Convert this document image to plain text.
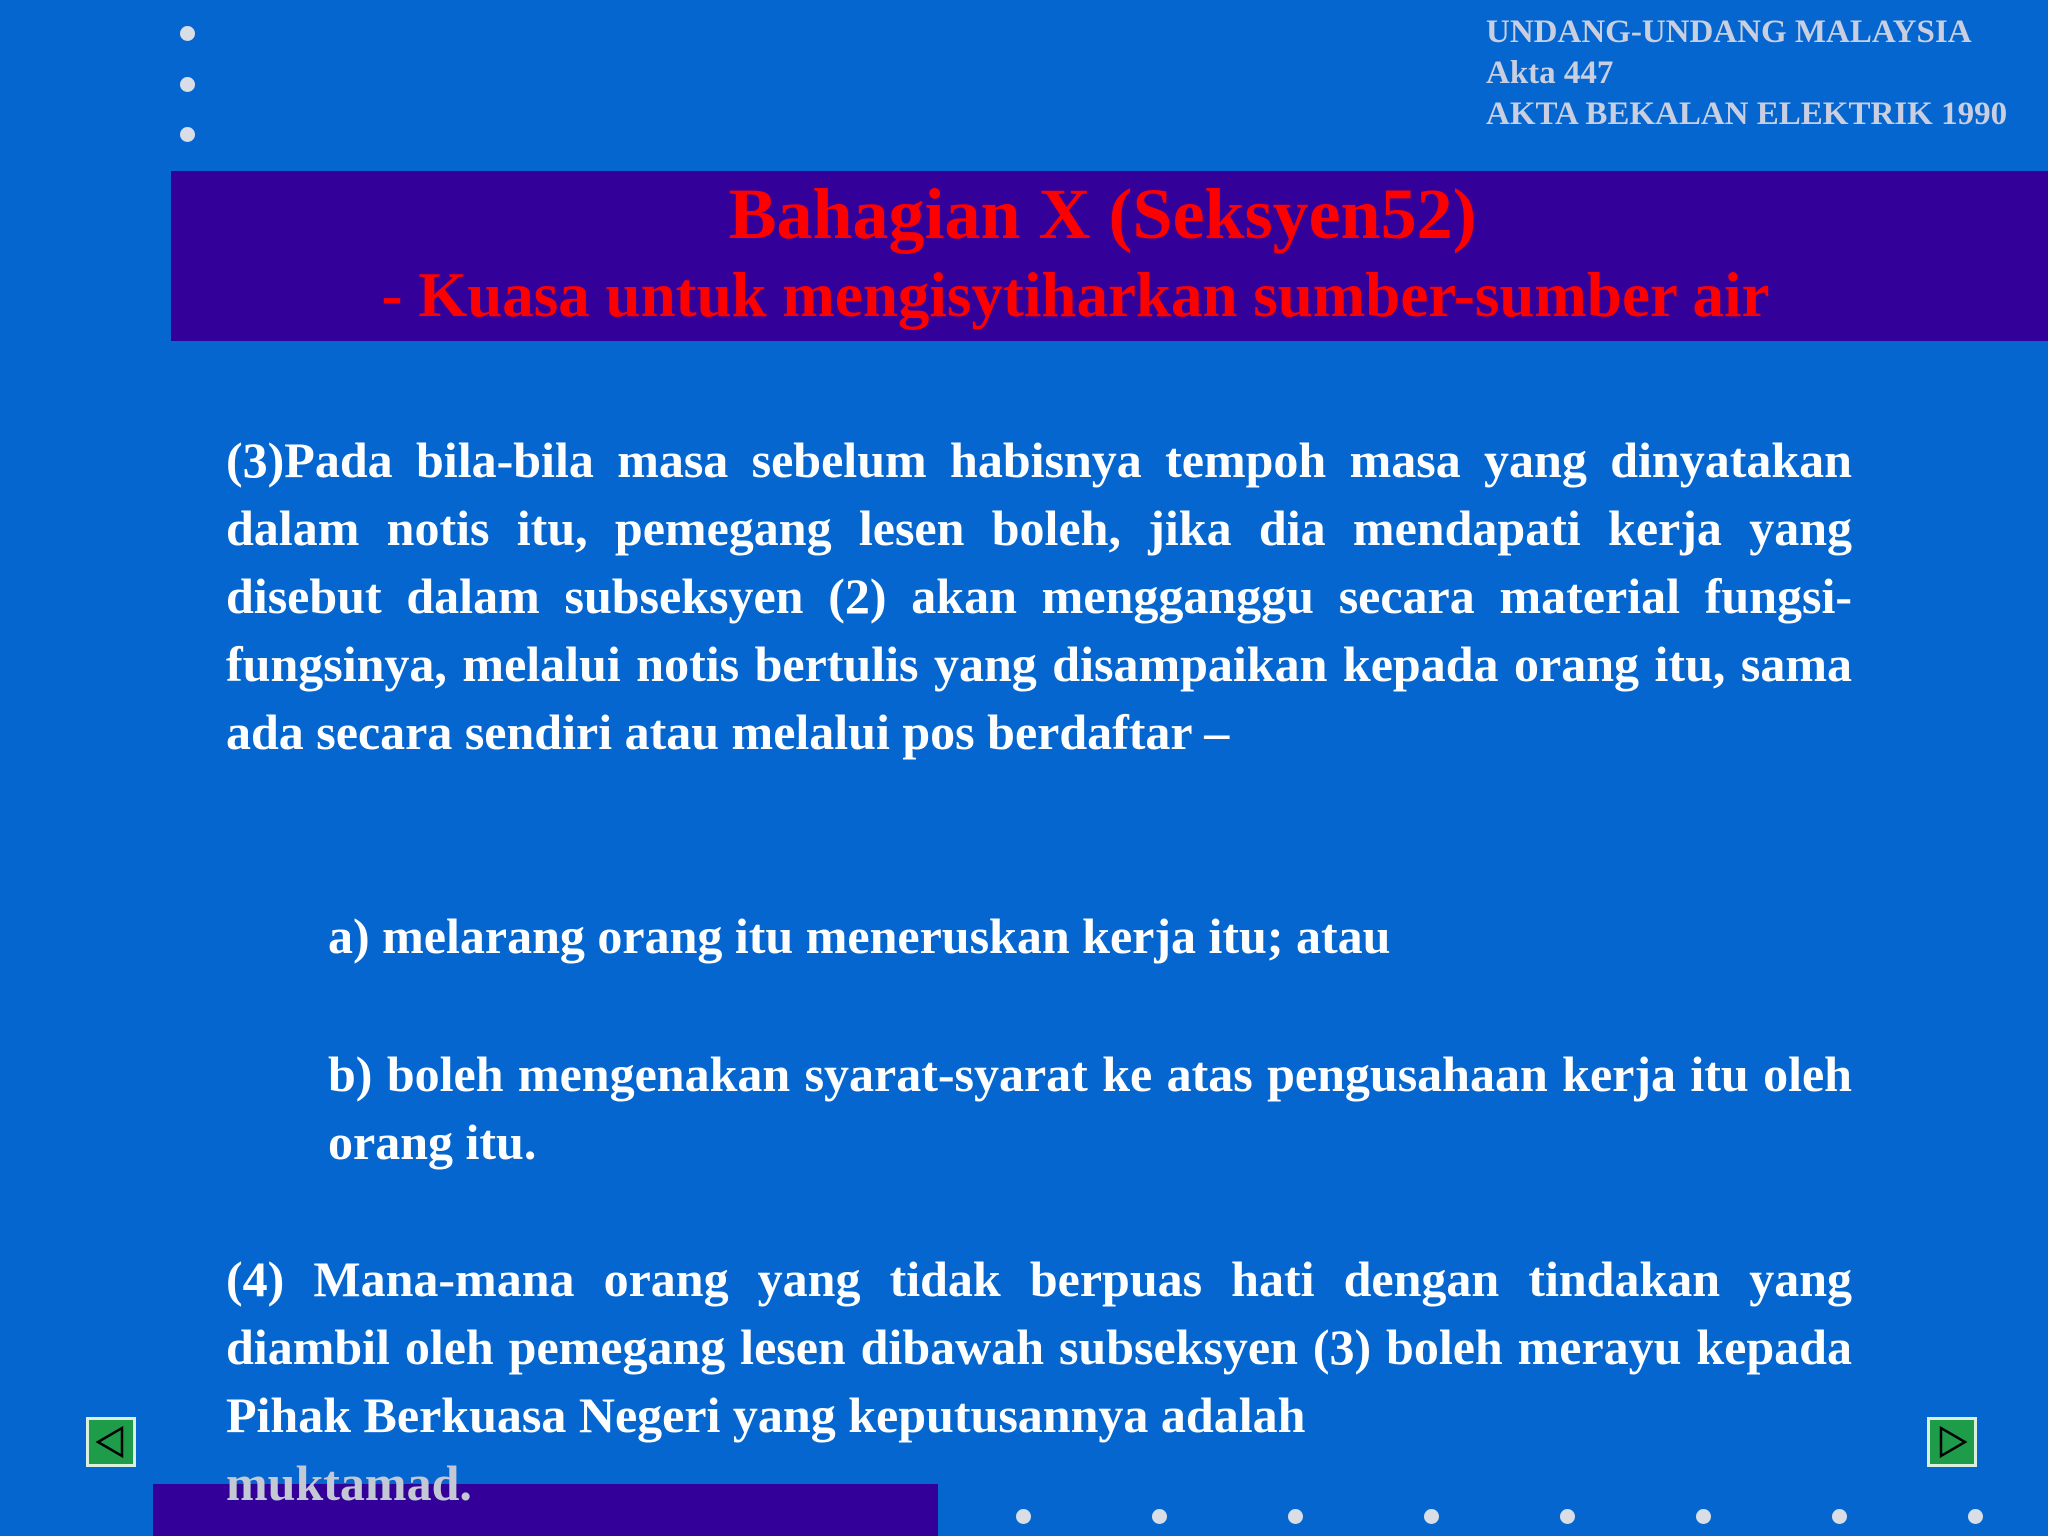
UNDANG-UNDANG MALAYSIA
Akta 447
AKTA BEKALAN ELEKTRIK 1990
Bahagian X (Seksyen52)
- Kuasa untuk mengisytiharkan sumber-sumber air
(3)Pada bila-bila masa sebelum habisnya tempoh masa yang dinyatakan dalam notis itu, pemegang lesen boleh, jika dia mendapati kerja yang disebut dalam subseksyen (2) akan mengganggu secara material fungsi-fungsinya, melalui notis bertulis yang disampaikan kepada orang itu, sama ada secara sendiri atau melalui pos berdaftar –
a) melarang orang itu meneruskan kerja itu; atau
b) boleh mengenakan syarat-syarat ke atas pengusahaan kerja itu oleh orang itu.
(4) Mana-mana orang yang tidak berpuas hati dengan tindakan yang diambil oleh pemegang lesen dibawah subseksyen (3) boleh merayu kepada Pihak Berkuasa Negeri yang keputusannya adalah
muktamad.
